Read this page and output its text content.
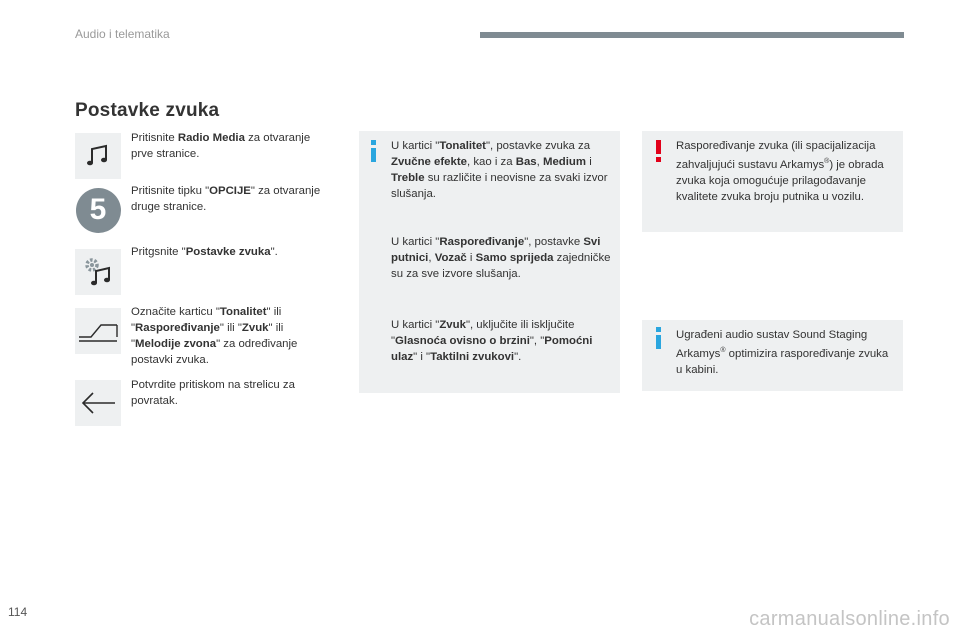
Audio i telematika
Postavke zvuka
Pritisnite Radio Media za otvaranje prve stranice.
5
Pritisnite tipku "OPCIJE" za otvaranje druge stranice.
Pritgsnite "Postavke zvuka".
Označite karticu "Tonalitet" ili "Raspoređivanje" ili "Zvuk" ili "Melodije zvona" za određivanje postavki zvuka.
Potvrdite pritiskom na strelicu za povratak.
U kartici "Tonalitet", postavke zvuka za Zvučne efekte, kao i za Bas, Medium i Treble su različite i neovisne za svaki izvor slušanja.
U kartici "Raspoređivanje", postavke Svi putnici, Vozač i Samo sprijeda zajedničke su za sve izvore slušanja.
U kartici "Zvuk", uključite ili isključite "Glasnoća ovisno o brzini", "Pomoćni ulaz" i "Taktilni zvukovi".
Raspoređivanje zvuka (ili spacijalizacija zahvaljujući sustavu Arkamys®) je obrada zvuka koja omogućuje prilagođavanje kvalitete zvuka broju putnika u vozilu.
Ugrađeni audio sustav Sound Staging Arkamys® optimizira raspoređivanje zvuka u kabini.
114	carmanualsonline.info
